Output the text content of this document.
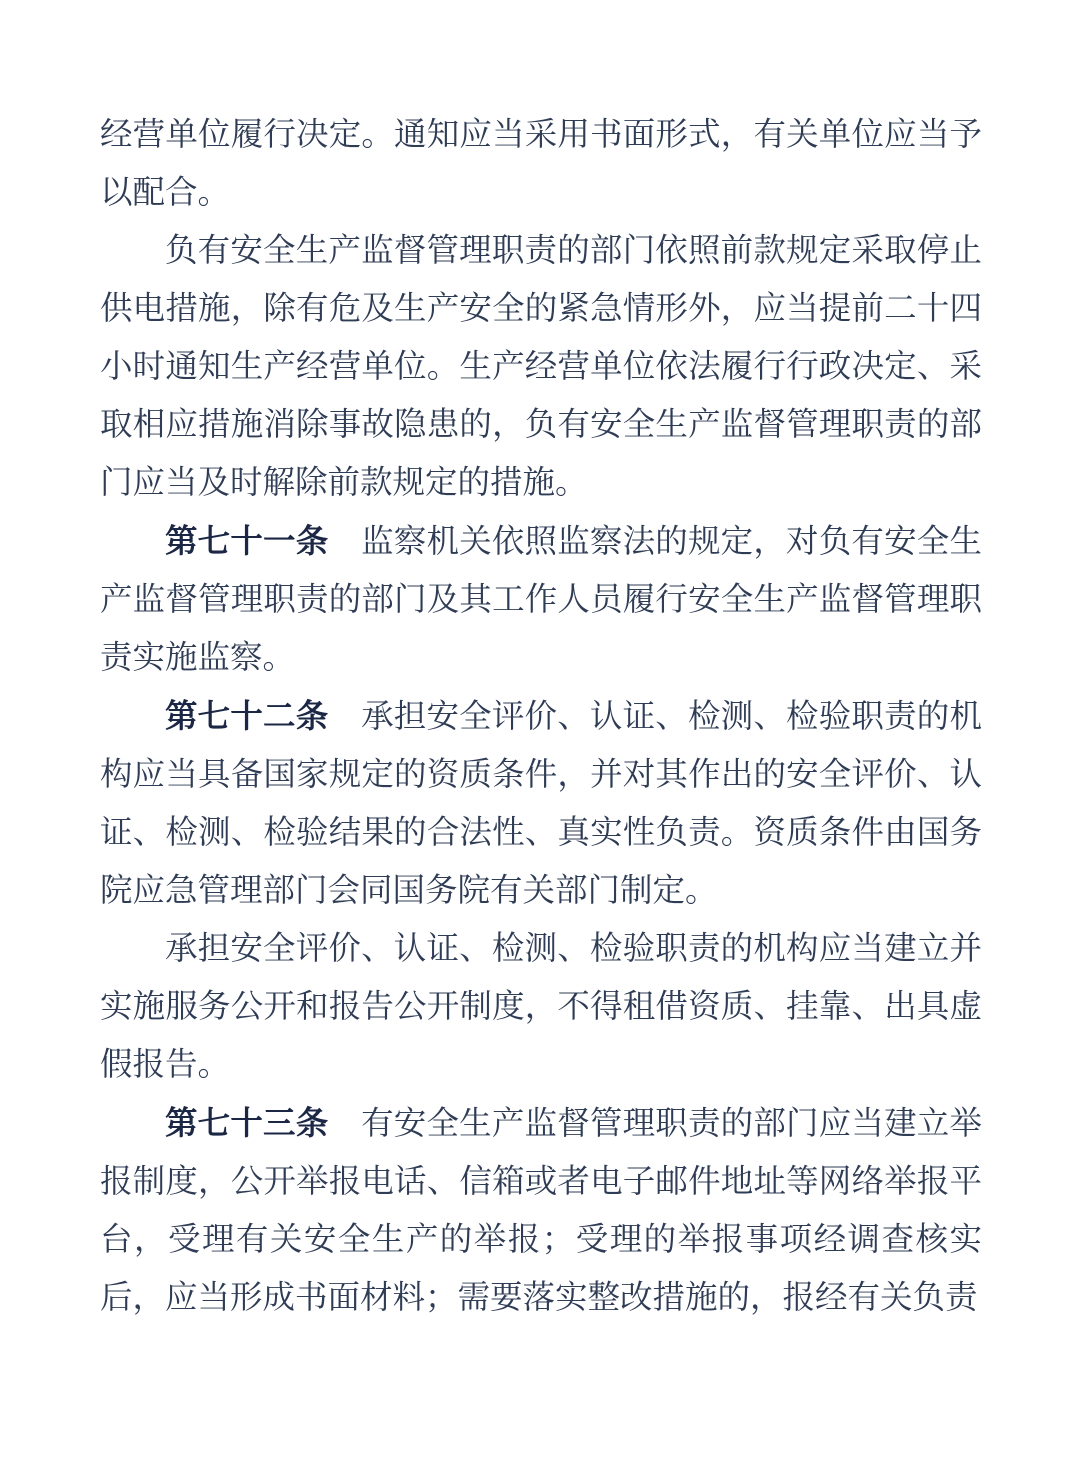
经营单位履行决定。通知应当采用书面形式，有关单位应当予以配合。

负有安全生产监督管理职责的部门依照前款规定采取停止供电措施，除有危及生产安全的紧急情形外，应当提前二十四小时通知生产经营单位。生产经营单位依法履行行政决定、采取相应措施消除事故隐患的，负有安全生产监督管理职责的部门应当及时解除前款规定的措施。

第七十一条　监察机关依照监察法的规定，对负有安全生产监督管理职责的部门及其工作人员履行安全生产监督管理职责实施监察。

第七十二条　承担安全评价、认证、检测、检验职责的机构应当具备国家规定的资质条件，并对其作出的安全评价、认证、检测、检验结果的合法性、真实性负责。资质条件由国务院应急管理部门会同国务院有关部门制定。

承担安全评价、认证、检测、检验职责的机构应当建立并实施服务公开和报告公开制度，不得租借资质、挂靠、出具虚假报告。

第七十三条　有安全生产监督管理职责的部门应当建立举报制度，公开举报电话、信箱或者电子邮件地址等网络举报平台，受理有关安全生产的举报；受理的举报事项经调查核实后，应当形成书面材料；需要落实整改措施的，报经有关负责
